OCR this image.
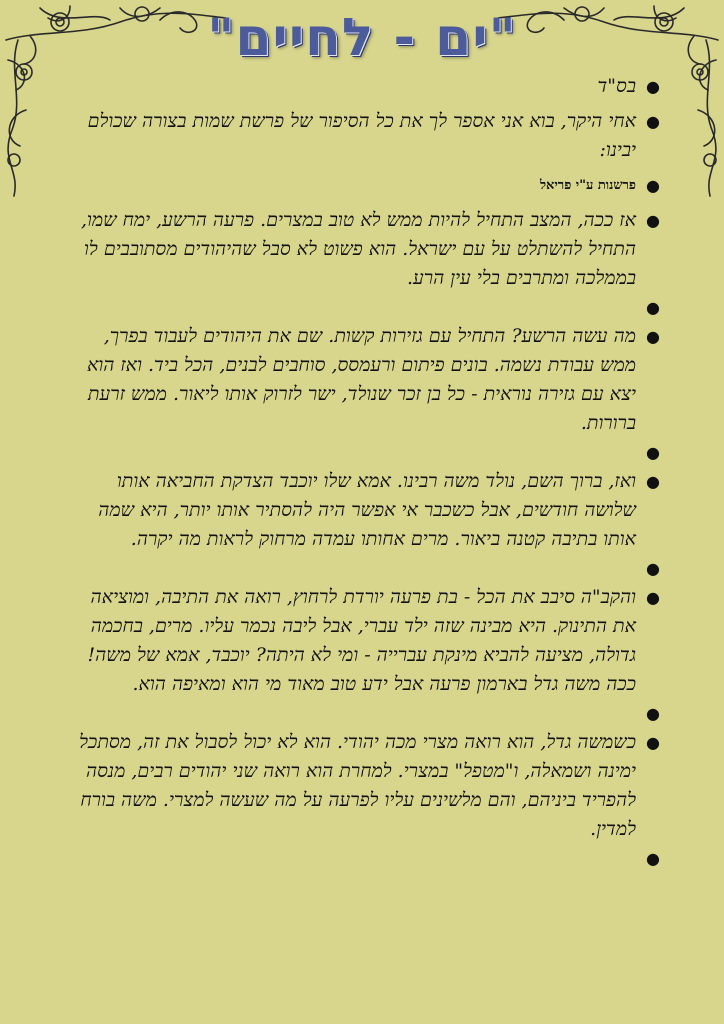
"ים - לחיים"
●
בס"ד
●
אחי היקר, בוא אני אספר לך את כל הסיפור של פרשת שמות בצורה שכולם יבינו:
●
פרשנות ע"י פריאל
●
אז ככה, המצב התחיל להיות ממש לא טוב במצרים. פרעה הרשע, ימח שמו, התחיל להשתלט על עם ישראל. הוא פשוט לא סבל שהיהודים מסתובבים לו בממלכה ומתרבים בלי עין הרע.
●
●
מה עשה הרשע? התחיל עם גזירות קשות. שם את היהודים לעבוד בפרך, ממש עבודת נשמה. בונים פיתום ורעמסס, סוחבים לבנים, הכל ביד. ואז הוא יצא עם גזירה נוראית - כל בן זכר שנולד, ישר לזרוק אותו ליאור. ממש זרעת ברורות.
●
●
ואז, ברוך השם, נולד משה רבינו. אמא שלו יוכבד הצדקת החביאה אותו שלושה חודשים, אבל כשכבר אי אפשר היה להסתיר אותו יותר, היא שמה אותו בתיבה קטנה ביאור. מרים אחותו עמדה מרחוק לראות מה יקרה.
●
●
והקב"ה סיבב את הכל - בת פרעה יורדת לרחוץ, רואה את התיבה, ומוציאה את התינוק. היא מבינה שזה ילד עברי, אבל ליבה נכמר עליו. מרים, בחכמה גדולה, מציעה להביא מינקת עברייה - ומי לא היתה? יוכבד, אמא של משה! ככה משה גדל בארמון פרעה אבל ידע טוב מאוד מי הוא ומאיפה הוא.
●
●
כשמשה גדל, הוא רואה מצרי מכה יהודי. הוא לא יכול לסבול את זה, מסתכל ימינה ושמאלה, ו"מטפל" במצרי. למחרת הוא רואה שני יהודים רבים, מנסה להפריד ביניהם, והם מלשינים עליו לפרעה על מה שעשה למצרי. משה בורח למדין.
●
